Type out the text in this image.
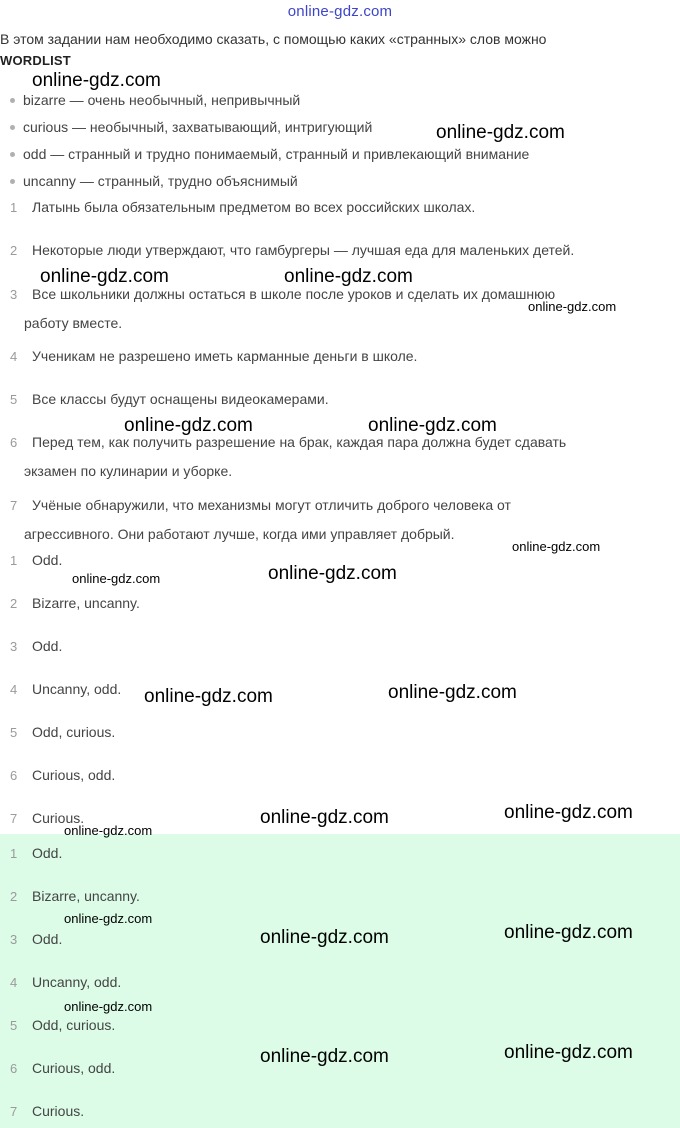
online-gdz.com
В этом задании нам необходимо сказать, с помощью каких «странных» слов можно
WORDLIST
bizarre — очень необычный, непривычный
curious — необычный, захватывающий, интригующий
odd — странный и трудно понимаемый, странный и привлекающий внимание
uncanny — странный, трудно объяснимый
1 Латынь была обязательным предметом во всех российских школах.
2 Некоторые люди утверждают, что гамбургеры — лучшая еда для маленьких детей.
3 Все школьники должны остаться в школе после уроков и сделать их домашнюю
работу вместе.
4 Ученикам не разрешено иметь карманные деньги в школе.
5 Все классы будут оснащены видеокамерами.
6 Перед тем, как получить разрешение на брак, каждая пара должна будет сдавать
экзамен по кулинарии и уборке.
7 Учёные обнаружили, что механизмы могут отличить доброго человека от
агрессивного. Они работают лучше, когда ими управляет добрый.
1 Odd.
2 Bizarre, uncanny.
3 Odd.
4 Uncanny, odd.
5 Odd, curious.
6 Curious, odd.
7 Curious.
1 Odd.
2 Bizarre, uncanny.
3 Odd.
4 Uncanny, odd.
5 Odd, curious.
6 Curious, odd.
7 Curious.
online-gdz.com
online-gdz.com
online-gdz.com	online-gdz.com
online-gdz.com
online-gdz.com	online-gdz.com
online-gdz.com
online-gdz.com
online-gdz.com
online-gdz.com	online-gdz.com
online-gdz.com	online-gdz.com
online-gdz.com
online-gdz.com
online-gdz.com	online-gdz.com
online-gdz.com
online-gdz.com	online-gdz.com
